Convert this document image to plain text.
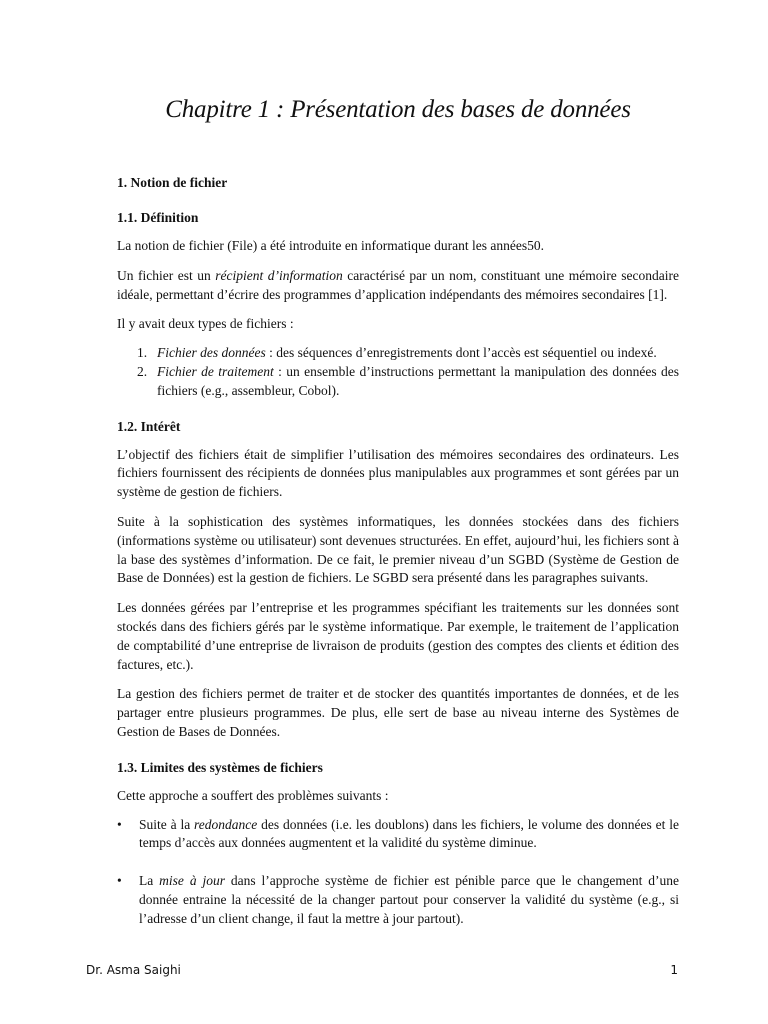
Chapitre 1 : Présentation des bases de données
1. Notion de fichier
1.1. Définition

La notion de fichier (File) a été introduite en informatique durant les années50.

Un fichier est un récipient d’information caractérisé par un nom, constituant une mémoire secondaire idéale, permettant d’écrire des programmes d’application indépendants des mémoires secondaires [1].

Il y avait deux types de fichiers :

1. Fichier des données : des séquences d’enregistrements dont l’accès est séquentiel ou indexé.
2. Fichier de traitement : un ensemble d’instructions permettant la manipulation des données des fichiers (e.g., assembleur, Cobol).
1.2. Intérêt

L’objectif des fichiers était de simplifier l’utilisation des mémoires secondaires des ordinateurs. Les fichiers fournissent des récipients de données plus manipulables aux programmes et sont gérées par un système de gestion de fichiers.

Suite à la sophistication des systèmes informatiques, les données stockées dans des fichiers (informations système ou utilisateur) sont devenues structurées. En effet, aujourd’hui, les fichiers sont à la base des systèmes d’information. De ce fait, le premier niveau d’un SGBD (Système de Gestion de Base de Données) est la gestion de fichiers. Le SGBD sera présenté dans les paragraphes suivants.

Les données gérées par l’entreprise et les programmes spécifiant les traitements sur les données sont stockés dans des fichiers gérés par le système informatique. Par exemple, le traitement de l’application de comptabilité d’une entreprise de livraison de produits (gestion des comptes des clients et édition des factures, etc.).

La gestion des fichiers permet de traiter et de stocker des quantités importantes de données, et de les partager entre plusieurs programmes. De plus, elle sert de base au niveau interne des Systèmes de Gestion de Bases de Données.

1.3. Limites des systèmes de fichiers

Cette approche a souffert des problèmes suivants :

• Suite à la redondance des données (i.e. les doublons) dans les fichiers, le volume des données et le temps d’accès aux données augmentent et la validité du système diminue.
• La mise à jour dans l’approche système de fichier est pénible parce que le changement d’une donnée entraine la nécessité de la changer partout pour conserver la validité du système (e.g., si l’adresse d’un client change, il faut la mettre à jour partout).
Dr. Asma Saighi	1
